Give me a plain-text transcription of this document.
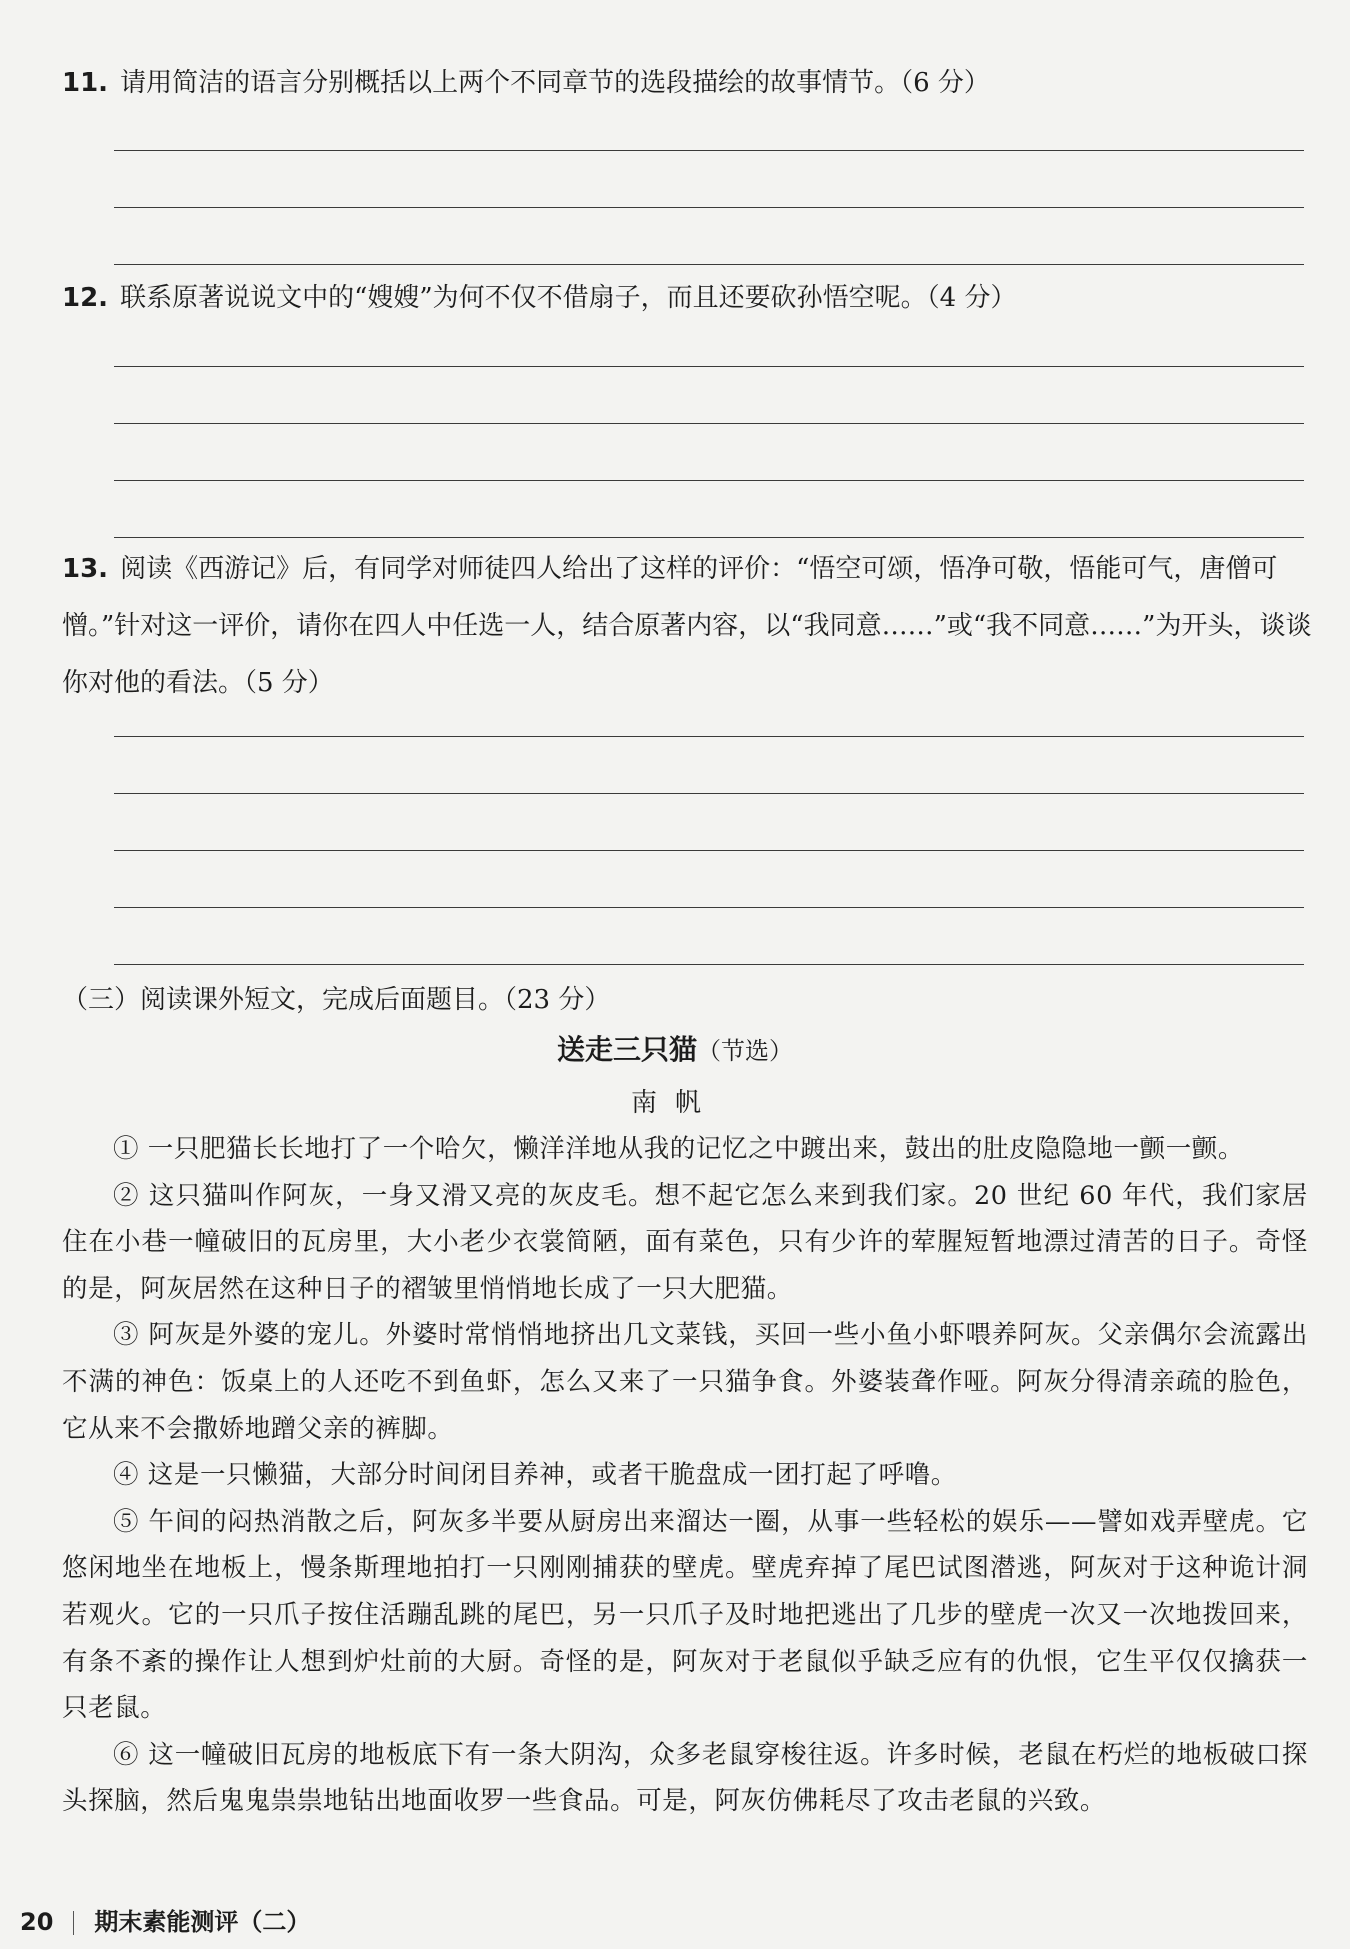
11. 请用简洁的语言分别概括以上两个不同章节的选段描绘的故事情节。（6 分）
12. 联系原著说说文中的“嫂嫂”为何不仅不借扇子，而且还要砍孙悟空呢。（4 分）
13. 阅读《西游记》后，有同学对师徒四人给出了这样的评价：“悟空可颂，悟净可敬，悟能可气，唐僧可憎。”针对这一评价，请你在四人中任选一人，结合原著内容，以“我同意……”或“我不同意……”为开头，谈谈你对他的看法。（5 分）
（三）阅读课外短文，完成后面题目。（23 分）
送走三只猫（节选）
南帆

① 一只肥猫长长地打了一个哈欠，懒洋洋地从我的记忆之中踱出来，鼓出的肚皮隐隐地一颤一颤。

② 这只猫叫作阿灰，一身又滑又亮的灰皮毛。想不起它怎么来到我们家。20 世纪 60 年代，我们家居住在小巷一幢破旧的瓦房里，大小老少衣裳简陋，面有菜色，只有少许的荤腥短暂地漂过清苦的日子。奇怪的是，阿灰居然在这种日子的褶皱里悄悄地长成了一只大肥猫。

③ 阿灰是外婆的宠儿。外婆时常悄悄地挤出几文菜钱，买回一些小鱼小虾喂养阿灰。父亲偶尔会流露出不满的神色：饭桌上的人还吃不到鱼虾，怎么又来了一只猫争食。外婆装聋作哑。阿灰分得清亲疏的脸色，它从来不会撒娇地蹭父亲的裤脚。

④ 这是一只懒猫，大部分时间闭目养神，或者干脆盘成一团打起了呼噜。

⑤ 午间的闷热消散之后，阿灰多半要从厨房出来溜达一圈，从事一些轻松的娱乐——譬如戏弄壁虎。它悠闲地坐在地板上，慢条斯理地拍打一只刚刚捕获的壁虎。壁虎弃掉了尾巴试图潜逃，阿灰对于这种诡计洞若观火。它的一只爪子按住活蹦乱跳的尾巴，另一只爪子及时地把逃出了几步的壁虎一次又一次地拨回来，有条不紊的操作让人想到炉灶前的大厨。奇怪的是，阿灰对于老鼠似乎缺乏应有的仇恨，它生平仅仅擒获一只老鼠。

⑥ 这一幢破旧瓦房的地板底下有一条大阴沟，众多老鼠穿梭往返。许多时候，老鼠在朽烂的地板破口探头探脑，然后鬼鬼祟祟地钻出地面收罗一些食品。可是，阿灰仿佛耗尽了攻击老鼠的兴致。

20 期末素能测评（二）
